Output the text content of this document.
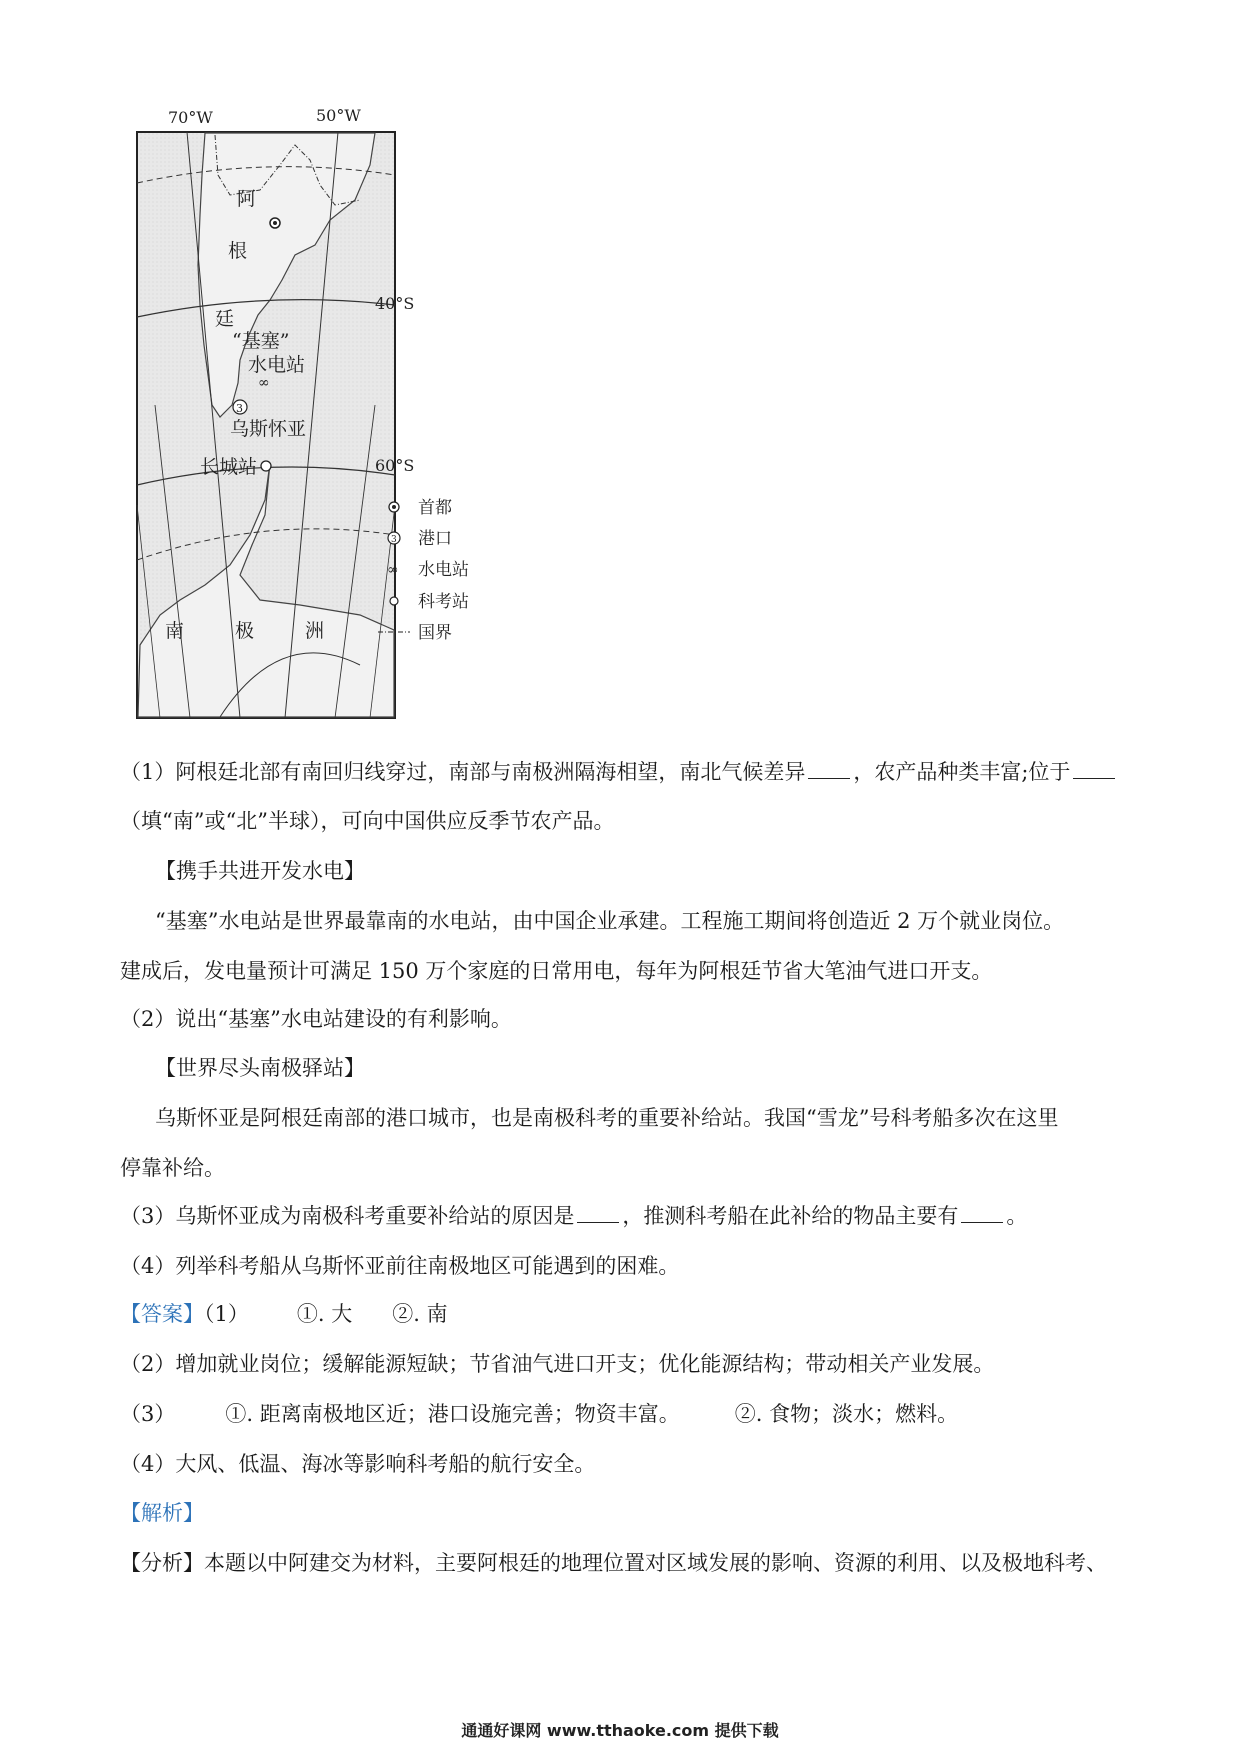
∞
3
70°W	50°W
40°S
60°S
阿
根
廷
“基塞”
水电站
乌斯怀亚
长城站
南	极	洲
首都
3 港口
∞ 水电站
科考站
国界
（1）阿根廷北部有南回归线穿过，南部与南极洲隔海相望，南北气候差异 ，农产品种类丰富;位于
（填“南”或“北”半球），可向中国供应反季节农产品。
【携手共进开发水电】
“基塞”水电站是世界最靠南的水电站，由中国企业承建。工程施工期间将创造近 2 万个就业岗位。
建成后，发电量预计可满足 150 万个家庭的日常用电，每年为阿根廷节省大笔油气进口开支。
（2）说出“基塞”水电站建设的有利影响。
【世界尽头南极驿站】
乌斯怀亚是阿根廷南部的港口城市，也是南极科考的重要补给站。我国“雪龙”号科考船多次在这里
停靠补给。
（3）乌斯怀亚成为南极科考重要补给站的原因是 ，推测科考船在此补给的物品主要有 。
（4）列举科考船从乌斯怀亚前往南极地区可能遇到的困难。
【答案】（1） ①. 大 ②. 南
（2）增加就业岗位；缓解能源短缺；节省油气进口开支；优化能源结构；带动相关产业发展。
（3） ①. 距离南极地区近；港口设施完善；物资丰富。	②. 食物；淡水；燃料。
（4）大风、低温、海冰等影响科考船的航行安全。
【解析】
【分析】本题以中阿建交为材料，主要阿根廷的地理位置对区域发展的影响、资源的利用、以及极地科考、
通通好课网 www.tthaoke.com 提供下载
